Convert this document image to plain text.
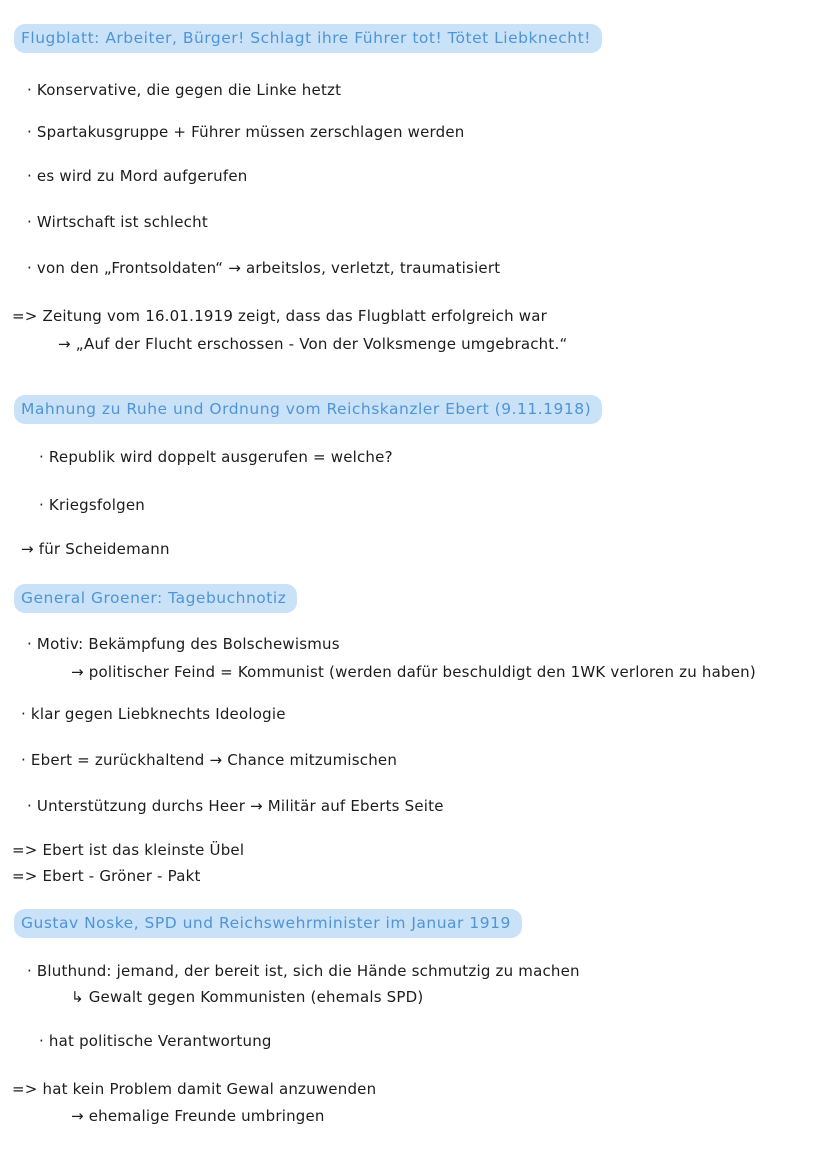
Flugblatt: Arbeiter, Bürger! Schlagt ihre Führer tot! Tötet Liebknecht!
· Konservative, die gegen die Linke hetzt
· Spartakusgruppe + Führer müssen zerschlagen werden
· es wird zu Mord aufgerufen
· Wirtschaft ist schlecht
· von den „Frontsoldaten“ → arbeitslos, verletzt, traumatisiert
=> Zeitung vom 16.01.1919 zeigt, dass das Flugblatt erfolgreich war
→ „Auf der Flucht erschossen - Von der Volksmenge umgebracht.“
Mahnung zu Ruhe und Ordnung vom Reichskanzler Ebert (9.11.1918)
· Republik wird doppelt ausgerufen = welche?
· Kriegsfolgen
→ für Scheidemann
General Groener: Tagebuchnotiz
· Motiv: Bekämpfung des Bolschewismus
→ politischer Feind = Kommunist (werden dafür beschuldigt den 1WK verloren zu haben)
· klar gegen Liebknechts Ideologie
· Ebert = zurückhaltend → Chance mitzumischen
· Unterstützung durchs Heer → Militär auf Eberts Seite
=> Ebert ist das kleinste Übel
=> Ebert - Gröner - Pakt
Gustav Noske, SPD und Reichswehrminister im Januar 1919
· Bluthund: jemand, der bereit ist, sich die Hände schmutzig zu machen
↳ Gewalt gegen Kommunisten (ehemals SPD)
· hat politische Verantwortung
=> hat kein Problem damit Gewal anzuwenden
→ ehemalige Freunde umbringen
